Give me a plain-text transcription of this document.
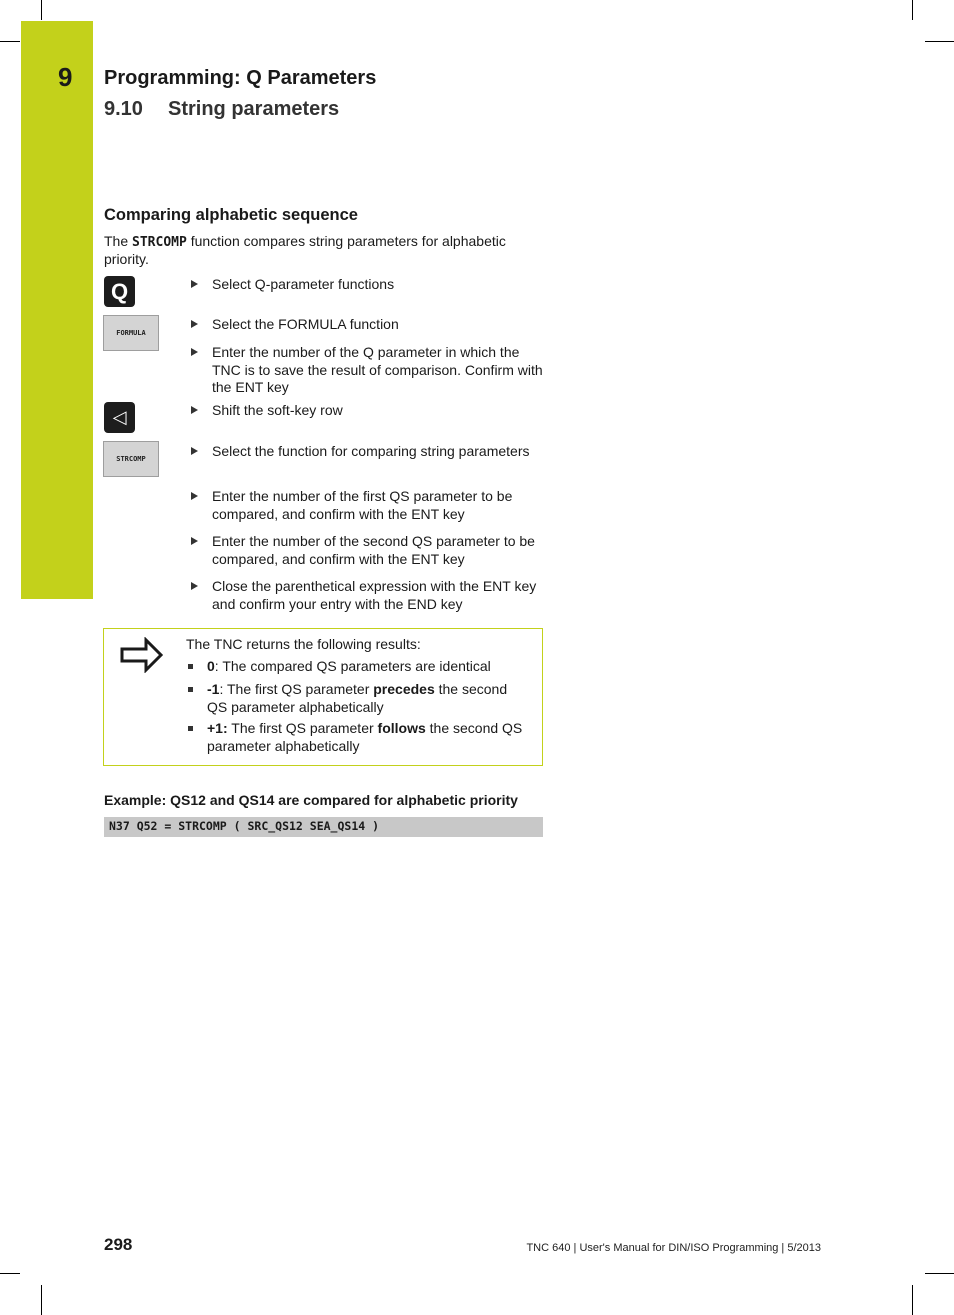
9 Programming: Q Parameters
9.10 String parameters
Comparing alphabetic sequence
The STRCOMP function compares string parameters for alphabetic priority.
Q
FORMULA
◁
STRCOMP
Select Q-parameter functions
Select the FORMULA function
Enter the number of the Q parameter in which the TNC is to save the result of comparison. Confirm with the ENT key
Shift the soft-key row
Select the function for comparing string parameters
Enter the number of the first QS parameter to be compared, and confirm with the ENT key
Enter the number of the second QS parameter to be compared, and confirm with the ENT key
Close the parenthetical expression with the ENT key and confirm your entry with the END key
The TNC returns the following results:
0: The compared QS parameters are identical
-1: The first QS parameter precedes the second QS parameter alphabetically
+1: The first QS parameter follows the second QS parameter alphabetically
Example: QS12 and QS14 are compared for alphabetic priority
N37 Q52 = STRCOMP ( SRC_QS12 SEA_QS14 )
298	TNC 640 | User's Manual for DIN/ISO Programming | 5/2013
